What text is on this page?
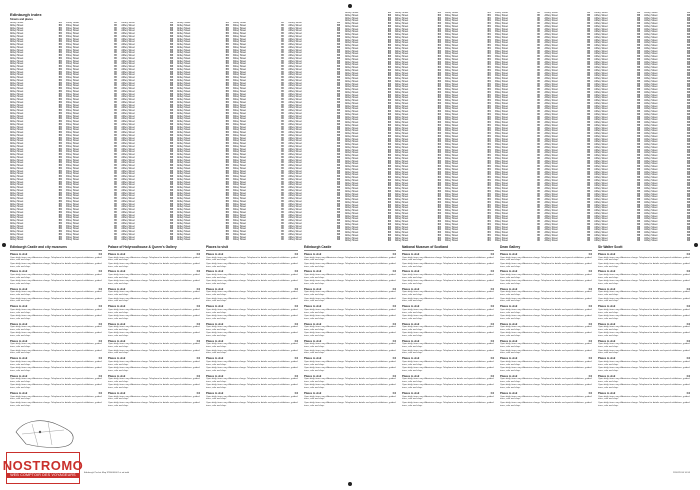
Edinburgh index
Streets and places
Abbey Street	D4
Abbey Street	D4
Abbey Street	D4
Abbey Street	D4
Abbey Street	D4
Abbey Street	D4
Abbey Street	D4
Abbey Street	D4
Abbey Street	D4
Abbey Street	D4
Abbey Street	D4
Abbey Street	D4
Abbey Street	D4
Abbey Street	D4
Abbey Street	D4
Abbey Street	D4
Abbey Street	D4
Abbey Street	D4
Abbey Street	D4
Abbey Street	D4
Abbey Street	D4
Abbey Street	D4
Abbey Street	D4
Abbey Street	D4
Abbey Street	D4
Abbey Street	D4
Abbey Street	D4
Abbey Street	D4
Abbey Street	D4
Abbey Street	D4
Abbey Street	D4
Abbey Street	D4
Abbey Street	D4
Abbey Street	D4
Abbey Street	D4
Abbey Street	D4
Abbey Street	D4
Abbey Street	D4
Abbey Street	D4
Abbey Street	D4
Abbey Street	D4
Abbey Street	D4
Abbey Street	D4
Abbey Street	D4
Abbey Street	D4
Abbey Street	D4
Abbey Street	D4
Abbey Street	D4
Abbey Street	D4
Abbey Street	D4
Abbey Street	D4
Abbey Street	D4
Abbey Street	D4
Abbey Street	D4
Abbey Street	D4
Abbey Street	D4
Abbey Street	D4
Abbey Street	D4
Abbey Street	D4
Abbey Street	D4
Abbey Street	D4
Abbey Street	D4
Abbey Street	D4
Abbey Street	D4
Abbey Street	D4
Abbey Street	D4
Abbey Street	D4
Abbey Street	D4
Abbey Street	D4
Abbey Street	D4
Abbey Street	D4
Abbey Street	D4
Abbey Street	D4
Abbey Street	D4
Abbey Street	D4
Abbey Street	D4
Abbey Street	D4
Abbey Street	D4
Abbey Street	D4
Abbey Street	D4
Abbey Street	D4
Abbey Street	D4
Abbey Street	D4
Abbey Street	D4
Abbey Street	D4
Abbey Street	D4
Abbey Street	D4
Abbey Street	D4
Abbey Street	D4
Abbey Street	D4
Abbey Street	D4
Abbey Street	D4
Abbey Street	D4
Abbey Street	D4
Abbey Street	D4
Abbey Street	D4
Abbey Street	D4
Abbey Street	D4
Abbey Street	D4
Abbey Street	D4
Abbey Street	D4
Abbey Street	D4
Abbey Street	D4
Abbey Street	D4
Abbey Street	D4
Abbey Street	D4
Abbey Street	D4
Abbey Street	D4
Abbey Street	D4
Abbey Street	D4
Abbey Street	D4
Abbey Street	D4
Abbey Street	D4
Abbey Street	D4
Abbey Street	D4
Abbey Street	D4
Abbey Street	D4
Abbey Street	D4
Abbey Street	D4
Abbey Street	D4
Abbey Street	D4
Abbey Street	D4
Abbey Street	D4
Abbey Street	D4
Abbey Street	D4
Abbey Street	D4
Abbey Street	D4
Abbey Street	D4
Abbey Street	D4
Abbey Street	D4
Abbey Street	D4
Abbey Street	D4
Abbey Street	D4
Abbey Street	D4
Abbey Street	D4
Abbey Street	D4
Abbey Street	D4
Abbey Street	D4
Abbey Street	D4
Abbey Street	D4
Abbey Street	D4
Abbey Street	D4
Abbey Street	D4
Abbey Street	D4
Abbey Street	D4
Abbey Street	D4
Abbey Street	D4
Abbey Street	D4
Abbey Street	D4
Abbey Street	D4
Abbey Street	D4
Abbey Street	D4
Abbey Street	D4
Abbey Street	D4
Abbey Street	D4
Abbey Street	D4
Abbey Street	D4
Abbey Street	D4
Abbey Street	D4
Abbey Street	D4
Abbey Street	D4
Abbey Street	D4
Abbey Street	D4
Abbey Street	D4
Abbey Street	D4
Abbey Street	D4
Abbey Street	D4
Abbey Street	D4
Abbey Street	D4
Abbey Street	D4
Abbey Street	D4
Abbey Street	D4
Abbey Street	D4
Abbey Street	D4
Abbey Street	D4
Abbey Street	D4
Abbey Street	D4
Abbey Street	D4
Abbey Street	D4
Abbey Street	D4
Abbey Street	D4
Abbey Street	D4
Abbey Street	D4
Abbey Street	D4
Abbey Street	D4
Abbey Street	D4
Abbey Street	D4
Abbey Street	D4
Abbey Street	D4
Abbey Street	D4
Abbey Street	D4
Abbey Street	D4
Abbey Street	D4
Abbey Street	D4
Abbey Street	D4
Abbey Street	D4
Abbey Street	D4
Abbey Street	D4
Abbey Street	D4
Abbey Street	D4
Abbey Street	D4
Abbey Street	D4
Abbey Street	D4
Abbey Street	D4
Abbey Street	D4
Abbey Street	D4
Abbey Street	D4
Abbey Street	D4
Abbey Street	D4
Abbey Street	D4
Abbey Street	D4
Abbey Street	D4
Abbey Street	D4
Abbey Street	D4
Abbey Street	D4
Abbey Street	D4
Abbey Street	D4
Abbey Street	D4
Abbey Street	D4
Abbey Street	D4
Abbey Street	D4
Abbey Street	D4
Abbey Street	D4
Abbey Street	D4
Abbey Street	D4
Abbey Street	D4
Abbey Street	D4
Abbey Street	D4
Abbey Street	D4
Abbey Street	D4
Abbey Street	D4
Abbey Street	D4
Abbey Street	D4
Abbey Street	D4
Abbey Street	D4
Abbey Street	D4
Abbey Street	D4
Abbey Street	D4
Abbey Street	D4
Abbey Street	D4
Abbey Street	D4
Abbey Street	D4
Abbey Street	D4
Abbey Street	D4
Abbey Street	D4
Abbey Street	D4
Abbey Street	D4
Abbey Street	D4
Abbey Street	D4
Abbey Street	D4
Abbey Street	D4
Abbey Street	D4
Abbey Street	D4
Abbey Street	D4
Abbey Street	D4
Abbey Street	D4
Abbey Street	D4
Abbey Street	D4
Abbey Street	D4
Abbey Street	D4
Abbey Street	D4
Abbey Street	D4
Abbey Street	D4
Abbey Street	D4
Abbey Street	D4
Abbey Street	D4
Abbey Street	D4
Abbey Street	D4
Abbey Street	D4
Abbey Street	D4
Abbey Street	D4
Abbey Street	D4
Abbey Street	D4
Abbey Street	D4
Abbey Street	D4
Abbey Street	D4
Abbey Street	D4
Abbey Street	D4
Abbey Street	D4
Abbey Street	D4
Abbey Street	D4
Abbey Street	D4
Abbey Street	D4
Abbey Street	D4
Abbey Street	D4
Abbey Street	D4
Abbey Street	D4
Abbey Street	D4
Abbey Street	D4
Abbey Street	D4
Abbey Street	D4
Abbey Street	D4
Abbey Street	D4
Abbey Street	D4
Abbey Street	D4
Abbey Street	D4
Abbey Street	D4
Abbey Street	D4
Abbey Street	D4
Abbey Street	D4
Abbey Street	D4
Abbey Street	D4
Abbey Street	D4
Abbey Street	D4
Abbey Street	D4
Abbey Street	D4
Abbey Street	D4
Abbey Street	D4
Abbey Street	D4
Abbey Street	D4
Abbey Street	D4
Abbey Street	D4
Abbey Street	D4
Abbey Street	D4
Abbey Street	D4
Abbey Street	D4
Abbey Street	D4
Abbey Street	D4
Abbey Street	D4
Abbey Street	D4
Abbey Street	D4
Abbey Street	D4
Abbey Street	D4
Abbey Street	D4
Abbey Street	D4
Abbey Street	D4
Abbey Street	D4
Abbey Street	D4
Abbey Street	D4
Abbey Street	D4
Abbey Street	D4
Abbey Street	D4
Abbey Street	D4
Abbey Street	D4
Abbey Street	D4
Abbey Street	D4
Abbey Street	D4
Abbey Street	D4
Abbey Street	D4
Abbey Street	D4
Abbey Street	D4
Abbey Street	D4
Abbey Street	D4
Abbey Street	D4
Abbey Street	D4
Abbey Street	D4
Abbey Street	D4
Abbey Street	D4
Abbey Street	D4
Abbey Street	D4
Abbey Street	D4
Abbey Street	D4
Abbey Street	D4
Abbey Street	D4
Abbey Street	D4
Abbey Street	D4
Abbey Street	D4
Abbey Street	D4
Abbey Street	D4
Abbey Street	D4
Abbey Street	D4
Abbey Street	D4
Abbey Street	D4
Abbey Street	D4
Abbey Street	D4
Abbey Street	D4
Abbey Street	D4
Abbey Street	D4
Abbey Street	D4
Abbey Street	D4
Abbey Street	D4
Abbey Street	D4
Abbey Street	D4
Abbey Street	D4
Abbey Street	D4
Abbey Street	D4
Abbey Street	D4
Abbey Street	D4
Abbey Street	D4
Abbey Street	D4
Abbey Street	D4
Abbey Street	D4
Abbey Street	D4
Abbey Street	D4
Abbey Street	D4
Abbey Street	D4
Abbey Street	D4
Abbey Street	D4
Abbey Street	D4
Abbey Street	D4
Abbey Street	D4
Abbey Street	D4
Abbey Street	D4
Abbey Street	D4
Abbey Street	D4
Abbey Street	D4
Abbey Street	D4
Abbey Street	D4
Abbey Street	D4
Abbey Street	D4
Abbey Street	D4
Abbey Street	D4
Abbey Street	D4
Abbey Street	D4
Abbey Street	D4
Abbey Street	D4
Abbey Street	D4
Abbey Street	D4
Abbey Street	D4
Abbey Street	D4
Abbey Street	D4
Abbey Street	D4
Abbey Street	D4
Abbey Street	D4
Abbey Street	D4
Abbey Street	D4
Abbey Street	D4
Abbey Street	D4
Abbey Street	D4
Abbey Street	D4
Abbey Street	D4
Abbey Street	D4
Abbey Street	D4
Abbey Street	D4
Abbey Street	D4
Abbey Street	D4
Abbey Street	D4
Abbey Street	D4
Abbey Street	D4
Abbey Street	D4
Abbey Street	D4
Abbey Street	D4
Abbey Street	D4
Abbey Street	D4
Abbey Street	D4
Abbey Street	D4
Abbey Street	D4
Abbey Street	D4
Abbey Street	D4
Abbey Street	D4
Abbey Street	D4
Abbey Street	D4
Abbey Street	D4
Abbey Street	D4
Abbey Street	D4
Abbey Street	D4
Abbey Street	D4
Abbey Street	D4
Abbey Street	D4
Abbey Street	D4
Abbey Street	D4
Abbey Street	D4
Abbey Street	D4
Abbey Street	D4
Abbey Street	D4
Abbey Street	D4
Abbey Street	D4
Abbey Street	D4
Abbey Street	D4
Abbey Street	D4
Abbey Street	D4
Abbey Street	D4
Abbey Street	D4
Abbey Street	D4
Abbey Street	D4
Abbey Street	D4
Abbey Street	D4
Abbey Street	D4
Abbey Street	D4
Abbey Street	D4
Abbey Street	D4
Abbey Street	D4
Abbey Street	D4
Abbey Street	D4
Abbey Street	D4
Abbey Street	D4
Abbey Street	D4
Abbey Street	D4
Abbey Street	D4
Abbey Street	D4
Abbey Street	D4
Abbey Street	D4
Abbey Street	D4
Abbey Street	D4
Abbey Street	D4
Abbey Street	D4
Abbey Street	D4
Abbey Street	D4
Abbey Street	D4
Abbey Street	D4
Abbey Street	D4
Abbey Street	D4
Abbey Street	D4
Abbey Street	D4
Abbey Street	D4
Abbey Street	D4
Abbey Street	D4
Abbey Street	D4
Abbey Street	D4
Abbey Street	D4
Abbey Street	D4
Abbey Street	D4
Abbey Street	D4
Abbey Street	D4
Abbey Street	D4
Abbey Street	D4
Abbey Street	D4
Abbey Street	D4
Abbey Street	D4
Abbey Street	D4
Abbey Street	D4
Abbey Street	D4
Abbey Street	D4
Abbey Street	D4
Abbey Street	D4
Abbey Street	D4
Abbey Street	D4
Abbey Street	D4
Abbey Street	D4
Abbey Street	D4
Abbey Street	D4
Abbey Street	D4
Abbey Street	D4
Abbey Street	D4
Abbey Street	D4
Abbey Street	D4
Abbey Street	D4
Abbey Street	D4
Abbey Street	D4
Abbey Street	D4
Abbey Street	D4
Abbey Street	D4
Abbey Street	D4
Abbey Street	D4
Abbey Street	D4
Abbey Street	D4
Abbey Street	D4
Abbey Street	D4
Abbey Street	D4
Abbey Street	D4
Abbey Street	D4
Abbey Street	D4
Abbey Street	D4
Abbey Street	D4
Abbey Street	D4
Abbey Street	D4
Abbey Street	D4
Abbey Street	D4
Abbey Street	D4
Abbey Street	D4
Abbey Street	D4
Abbey Street	D4
Abbey Street	D4
Abbey Street	D4
Abbey Street	D4
Abbey Street	D4
Abbey Street	D4
Abbey Street	D4
Abbey Street	D4
Abbey Street	D4
Abbey Street	D4
Abbey Street	D4
Abbey Street	D4
Abbey Street	D4
Abbey Street	D4
Abbey Street	D4
Abbey Street	D4
Abbey Street	D4
Abbey Street	D4
Abbey Street	D4
Abbey Street	D4
Abbey Street	D4
Abbey Street	D4
Abbey Street	D4
Abbey Street	D4
Abbey Street	D4
Abbey Street	D4
Abbey Street	D4
Abbey Street	D4
Abbey Street	D4
Abbey Street	D4
Abbey Street	D4
Abbey Street	D4
Abbey Street	D4
Abbey Street	D4
Abbey Street	D4
Abbey Street	D4
Abbey Street	D4
Abbey Street	D4
Abbey Street	D4
Abbey Street	D4
Abbey Street	D4
Abbey Street	D4
Abbey Street	D4
Abbey Street	D4
Abbey Street	D4
Abbey Street	D4
Abbey Street	D4
Abbey Street	D4
Abbey Street	D4
Abbey Street	D4
Abbey Street	D4
Abbey Street	D4
Abbey Street	D4
Abbey Street	D4
Abbey Street	D4
Abbey Street	D4
Abbey Street	D4
Abbey Street	D4
Abbey Street	D4
Abbey Street	D4
Abbey Street	D4
Abbey Street	D4
Abbey Street	D4
Abbey Street	D4
Abbey Street	D4
Abbey Street	D4
Abbey Street	D4
Abbey Street	D4
Abbey Street	D4
Abbey Street	D4
Abbey Street	D4
Abbey Street	D4
Abbey Street	D4
Abbey Street	D4
Abbey Street	D4
Abbey Street	D4
Abbey Street	D4
Abbey Street	D4
Abbey Street	D4
Abbey Street	D4
Abbey Street	D4
Abbey Street	D4
Abbey Street	D4
Abbey Street	D4
Abbey Street	D4
Abbey Street	D4
Abbey Street	D4
Abbey Street	D4
Abbey Street	D4
Abbey Street	D4
Abbey Street	D4
Abbey Street	D4
Abbey Street	D4
Abbey Street	D4
Abbey Street	D4
Abbey Street	D4
Abbey Street	D4
Abbey Street	D4
Abbey Street	D4
Abbey Street	D4
Abbey Street	D4
Abbey Street	D4
Abbey Street	D4
Abbey Street	D4
Abbey Street	D4
Abbey Street	D4
Abbey Street	D4
Abbey Street	D4
Abbey Street	D4
Abbey Street	D4
Abbey Street	D4
Abbey Street	D4
Abbey Street	D4
Abbey Street	D4
Abbey Street	D4
Abbey Street	D4
Abbey Street	D4
Abbey Street	D4
Abbey Street	D4
Abbey Street	D4
Abbey Street	D4
Abbey Street	D4
Abbey Street	D4
Abbey Street	D4
Abbey Street	D4
Abbey Street	D4
Abbey Street	D4
Abbey Street	D4
Abbey Street	D4
Abbey Street	D4
Abbey Street	D4
Abbey Street	D4
Abbey Street	D4
Abbey Street	D4
Abbey Street	D4
Abbey Street	D4
Abbey Street	D4
Abbey Street	D4
Abbey Street	D4
Abbey Street	D4
Abbey Street	D4
Abbey Street	D4
Abbey Street	D4
Abbey Street	D4
Abbey Street	D4
Abbey Street	D4
Abbey Street	D4
Abbey Street	D4
Abbey Street	D4
Abbey Street	D4
Abbey Street	D4
Abbey Street	D4
Abbey Street	D4
Abbey Street	D4
Abbey Street	D4
Abbey Street	D4
Abbey Street	D4
Abbey Street	D4
Abbey Street	D4
Abbey Street	D4
Abbey Street	D4
Abbey Street	D4
Abbey Street	D4
Abbey Street	D4
Abbey Street	D4
Abbey Street	D4
Abbey Street	D4
Abbey Street	D4
Abbey Street	D4
Abbey Street	D4
Abbey Street	D4
Abbey Street	D4
Abbey Street	D4
Abbey Street	D4
Abbey Street	D4
Abbey Street	D4
Abbey Street	D4
Abbey Street	D4
Abbey Street	D4
Abbey Street	D4
Abbey Street	D4
Abbey Street	D4
Abbey Street	D4
Abbey Street	D4
Abbey Street	D4
Abbey Street	D4
Abbey Street	D4
Abbey Street	D4
Abbey Street	D4
Abbey Street	D4
Abbey Street	D4
Abbey Street	D4
Abbey Street	D4
Abbey Street	D4
Abbey Street	D4
Abbey Street	D4
Abbey Street	D4
Abbey Street	D4
Abbey Street	D4
Abbey Street	D4
Abbey Street	D4
Abbey Street	D4
Abbey Street	D4
Abbey Street	D4
Abbey Street	D4
Abbey Street	D4
Abbey Street	D4
Abbey Street	D4
Abbey Street	D4
Abbey Street	D4
Abbey Street	D4
Abbey Street	D4
Abbey Street	D4
Abbey Street	D4
Abbey Street	D4
Abbey Street	D4
Abbey Street	D4
Abbey Street	D4
Abbey Street	D4
Abbey Street	D4
Abbey Street	D4
Abbey Street	D4
Abbey Street	D4
Abbey Street	D4
Abbey Street	D4
Abbey Street	D4
Abbey Street	D4
Abbey Street	D4
Abbey Street	D4
Abbey Street	D4
Abbey Street	D4
Abbey Street	D4
Abbey Street	D4
Abbey Street	D4
Abbey Street	D4
Abbey Street	D4
Abbey Street	D4
Abbey Street	D4
Abbey Street	D4
Abbey Street	D4
Abbey Street	D4
Abbey Street	D4
Abbey Street	D4
Abbey Street	D4
Abbey Street	D4
Abbey Street	D4
Abbey Street	D4
Abbey Street	D4
Abbey Street	D4
Abbey Street	D4
Abbey Street	D4
Abbey Street	D4
Abbey Street	D4
Abbey Street	D4
Abbey Street	D4
Abbey Street	D4
Abbey Street	D4
Abbey Street	D4
Abbey Street	D4
Abbey Street	D4
Abbey Street	D4
Abbey Street	D4
Abbey Street	D4
Abbey Street	D4
Abbey Street	D4
Abbey Street	D4
Abbey Street	D4
Abbey Street	D4
Abbey Street	D4
Abbey Street	D4
Abbey Street	D4
Abbey Street	D4
Abbey Street	D4
Abbey Street	D4
Abbey Street	D4
Abbey Street	D4
Abbey Street	D4
Abbey Street	D4
Abbey Street	D4
Abbey Street	D4
Abbey Street	D4
Abbey Street	D4
Abbey Street	D4
Abbey Street	D4
Abbey Street	D4
Abbey Street	D4
Abbey Street	D4
Abbey Street	D4
Abbey Street	D4
Abbey Street	D4
Abbey Street	D4
Abbey Street	D4
Abbey Street	D4
Abbey Street	D4
Abbey Street	D4
Abbey Street	D4
Abbey Street	D4
Abbey Street	D4
Abbey Street	D4
Abbey Street	D4
Abbey Street	D4
Abbey Street	D4
Abbey Street	D4
Abbey Street	D4
Abbey Street	D4
Abbey Street	D4
Abbey Street	D4
Abbey Street	D4
Abbey Street	D4
Abbey Street	D4
Abbey Street	D4
Abbey Street	D4
Abbey Street	D4
Abbey Street	D4
Abbey Street	D4
Abbey Street	D4
Abbey Street	D4
Abbey Street	D4
Abbey Street	D4
Abbey Street	D4
Abbey Street	D4
Abbey Street	D4
Abbey Street	D4
Abbey Street	D4
Abbey Street	D4
Abbey Street	D4
Abbey Street	D4
Abbey Street	D4
Abbey Street	D4
Abbey Street	D4
Abbey Street	D4
Abbey Street	D4
Abbey Street	D4
Abbey Street	D4
Abbey Street	D4
Abbey Street	D4
Abbey Street	D4
Abbey Street	D4
Abbey Street	D4
Abbey Street	D4
Abbey Street	D4
Abbey Street	D4
Abbey Street	D4
Abbey Street	D4
Abbey Street	D4
Abbey Street	D4
Abbey Street	D4
Abbey Street	D4
Abbey Street	D4
Abbey Street	D4
Abbey Street	D4
Abbey Street	D4
Abbey Street	D4
Abbey Street	D4
Abbey Street	D4
Abbey Street	D4
Abbey Street	D4
Abbey Street	D4
Abbey Street	D4
Abbey Street	D4
Abbey Street	D4
Abbey Street	D4
Abbey Street	D4
Abbey Street	D4
Abbey Street	D4
Abbey Street	D4
Abbey Street	D4
Abbey Street	D4
Abbey Street	D4
Abbey Street	D4
Abbey Street	D4
Abbey Street	D4
Abbey Street	D4
Abbey Street	D4
Abbey Street	D4
Abbey Street	D4
Abbey Street	D4
Abbey Street	D4
Abbey Street	D4
Abbey Street	D4
Abbey Street	D4
Abbey Street	D4
Abbey Street	D4
Abbey Street	D4
Abbey Street	D4
Abbey Street	D4
Abbey Street	D4
Abbey Street	D4
Abbey Street	D4
Abbey Street	D4
Abbey Street	D4
Abbey Street	D4
Abbey Street	D4
Abbey Street	D4
Abbey Street	D4
Abbey Street	D4
Abbey Street	D4
Abbey Street	D4
Abbey Street	D4
Abbey Street	D4
Abbey Street	D4
Abbey Street	D4
Abbey Street	D4
Abbey Street	D4
Abbey Street	D4
Abbey Street	D4
Abbey Street	D4
Abbey Street	D4
Abbey Street	D4
Abbey Street	D4
Abbey Street	D4
Abbey Street	D4
Abbey Street	D4
Abbey Street	D4
Abbey Street	D4
Abbey Street	D4
Abbey Street	D4
Abbey Street	D4
Abbey Street	D4
Abbey Street	D4
Abbey Street	D4
Abbey Street	D4
Abbey Street	D4
Abbey Street	D4
Abbey Street	D4
Abbey Street	D4
Abbey Street	D4
Abbey Street	D4
Abbey Street	D4
Abbey Street	D4
Abbey Street	D4
Abbey Street	D4
Abbey Street	D4
Abbey Street	D4
Abbey Street	D4
Abbey Street	D4
Abbey Street	D4
Abbey Street	D4
Abbey Street	D4
Abbey Street	D4
Abbey Street	D4
Abbey Street	D4
Abbey Street	D4
Abbey Street	D4
Abbey Street	D4
Abbey Street	D4
Abbey Street	D4
Abbey Street	D4
Abbey Street	D4
Abbey Street	D4
Abbey Street	D4
Abbey Street	D4
Abbey Street	D4
Abbey Street	D4
Abbey Street	D4
Abbey Street	D4
Abbey Street	D4
Abbey Street	D4
Abbey Street	D4
Abbey Street	D4
Abbey Street	D4
Abbey Street	D4
Abbey Street	D4
Abbey Street	D4
Abbey Street	D4
Abbey Street	D4
Abbey Street	D4
Abbey Street	D4
Abbey Street	D4
Abbey Street	D4
Abbey Street	D4
Abbey Street	D4
Abbey Street	D4
Abbey Street	D4
Abbey Street	D4
Abbey Street	D4
Abbey Street	D4
Abbey Street	D4
Abbey Street	D4
Abbey Street	D4
Abbey Street	D4
Abbey Street	D4
Abbey Street	D4
Abbey Street	D4
Abbey Street	D4
Abbey Street	D4
Abbey Street	D4
Abbey Street	D4
Abbey Street	D4
Abbey Street	D4
Abbey Street	D4
Abbey Street	D4
Abbey Street	D4
Abbey Street	D4
Abbey Street	D4
Abbey Street	D4
Abbey Street	D4
Abbey Street	D4
Abbey Street	D4
Abbey Street	D4
Abbey Street	D4
Abbey Street	D4
Abbey Street	D4
Abbey Street	D4
Abbey Street	D4
Abbey Street	D4
Abbey Street	D4
Abbey Street	D4
Abbey Street	D4
Abbey Street	D4
Abbey Street	D4
Abbey Street	D4
Abbey Street	D4
Abbey Street	D4
Abbey Street	D4
Abbey Street	D4
Abbey Street	D4
Edinburgh Castle and city museums
Places to visit	C4
Open daily, times vary. Admission charge. Telephone for details and special exhibitions, guided tours, cafe and shop.
Open daily, times vary. Admission charge. Telephone for details and special exhibitions, guided tours, cafe and shop.
Places to visit	C4
Open daily, times vary. Admission charge. Telephone for details and special exhibitions, guided tours, cafe and shop.
Open daily, times vary. Admission charge. Telephone for details and special exhibitions, guided tours, cafe and shop.
Places to visit	C4
Open daily, times vary. Admission charge. Telephone for details and special exhibitions, guided tours, cafe and shop.
Open daily, times vary. Admission charge. Telephone for details and special exhibitions, guided tours, cafe and shop.
Places to visit	C4
Open daily, times vary. Admission charge. Telephone for details and special exhibitions, guided tours, cafe and shop.
Open daily, times vary. Admission charge. Telephone for details and special exhibitions, guided tours, cafe and shop.
Places to visit	C4
Open daily, times vary. Admission charge. Telephone for details and special exhibitions, guided tours, cafe and shop.
Open daily, times vary. Admission charge. Telephone for details and special exhibitions, guided tours, cafe and shop.
Places to visit	C4
Open daily, times vary. Admission charge. Telephone for details and special exhibitions, guided tours, cafe and shop.
Open daily, times vary. Admission charge. Telephone for details and special exhibitions, guided tours, cafe and shop.
Places to visit	C4
Open daily, times vary. Admission charge. Telephone for details and special exhibitions, guided tours, cafe and shop.
Open daily, times vary. Admission charge. Telephone for details and special exhibitions, guided tours, cafe and shop.
Places to visit	C4
Open daily, times vary. Admission charge. Telephone for details and special exhibitions, guided tours, cafe and shop.
Open daily, times vary. Admission charge. Telephone for details and special exhibitions, guided tours, cafe and shop.
Places to visit	C4
Open daily, times vary. Admission charge. Telephone for details and special exhibitions, guided tours, cafe and shop.
Open daily, times vary. Admission charge. Telephone for details and special exhibitions, guided tours, cafe and shop.
Palace of Holyroodhouse & Queen's Gallery
Places to visit	C4
Open daily, times vary. Admission charge. Telephone for details and special exhibitions, guided tours, cafe and shop.
Open daily, times vary. Admission charge. Telephone for details and special exhibitions, guided tours, cafe and shop.
Places to visit	C4
Open daily, times vary. Admission charge. Telephone for details and special exhibitions, guided tours, cafe and shop.
Open daily, times vary. Admission charge. Telephone for details and special exhibitions, guided tours, cafe and shop.
Places to visit	C4
Open daily, times vary. Admission charge. Telephone for details and special exhibitions, guided tours, cafe and shop.
Open daily, times vary. Admission charge. Telephone for details and special exhibitions, guided tours, cafe and shop.
Places to visit	C4
Open daily, times vary. Admission charge. Telephone for details and special exhibitions, guided tours, cafe and shop.
Open daily, times vary. Admission charge. Telephone for details and special exhibitions, guided tours, cafe and shop.
Places to visit	C4
Open daily, times vary. Admission charge. Telephone for details and special exhibitions, guided tours, cafe and shop.
Open daily, times vary. Admission charge. Telephone for details and special exhibitions, guided tours, cafe and shop.
Places to visit	C4
Open daily, times vary. Admission charge. Telephone for details and special exhibitions, guided tours, cafe and shop.
Open daily, times vary. Admission charge. Telephone for details and special exhibitions, guided tours, cafe and shop.
Places to visit	C4
Open daily, times vary. Admission charge. Telephone for details and special exhibitions, guided tours, cafe and shop.
Open daily, times vary. Admission charge. Telephone for details and special exhibitions, guided tours, cafe and shop.
Places to visit	C4
Open daily, times vary. Admission charge. Telephone for details and special exhibitions, guided tours, cafe and shop.
Open daily, times vary. Admission charge. Telephone for details and special exhibitions, guided tours, cafe and shop.
Places to visit	C4
Open daily, times vary. Admission charge. Telephone for details and special exhibitions, guided tours, cafe and shop.
Open daily, times vary. Admission charge. Telephone for details and special exhibitions, guided tours, cafe and shop.
Places to visit
Places to visit	C4
Open daily, times vary. Admission charge. Telephone for details and special exhibitions, guided tours, cafe and shop.
Open daily, times vary. Admission charge. Telephone for details and special exhibitions, guided tours, cafe and shop.
Places to visit	C4
Open daily, times vary. Admission charge. Telephone for details and special exhibitions, guided tours, cafe and shop.
Open daily, times vary. Admission charge. Telephone for details and special exhibitions, guided tours, cafe and shop.
Places to visit	C4
Open daily, times vary. Admission charge. Telephone for details and special exhibitions, guided tours, cafe and shop.
Open daily, times vary. Admission charge. Telephone for details and special exhibitions, guided tours, cafe and shop.
Places to visit	C4
Open daily, times vary. Admission charge. Telephone for details and special exhibitions, guided tours, cafe and shop.
Open daily, times vary. Admission charge. Telephone for details and special exhibitions, guided tours, cafe and shop.
Places to visit	C4
Open daily, times vary. Admission charge. Telephone for details and special exhibitions, guided tours, cafe and shop.
Open daily, times vary. Admission charge. Telephone for details and special exhibitions, guided tours, cafe and shop.
Places to visit	C4
Open daily, times vary. Admission charge. Telephone for details and special exhibitions, guided tours, cafe and shop.
Open daily, times vary. Admission charge. Telephone for details and special exhibitions, guided tours, cafe and shop.
Places to visit	C4
Open daily, times vary. Admission charge. Telephone for details and special exhibitions, guided tours, cafe and shop.
Open daily, times vary. Admission charge. Telephone for details and special exhibitions, guided tours, cafe and shop.
Places to visit	C4
Open daily, times vary. Admission charge. Telephone for details and special exhibitions, guided tours, cafe and shop.
Open daily, times vary. Admission charge. Telephone for details and special exhibitions, guided tours, cafe and shop.
Places to visit	C4
Open daily, times vary. Admission charge. Telephone for details and special exhibitions, guided tours, cafe and shop.
Open daily, times vary. Admission charge. Telephone for details and special exhibitions, guided tours, cafe and shop.
Edinburgh Castle
Places to visit	C4
Open daily, times vary. Admission charge. Telephone for details and special exhibitions, guided tours, cafe and shop.
Open daily, times vary. Admission charge. Telephone for details and special exhibitions, guided tours, cafe and shop.
Places to visit	C4
Open daily, times vary. Admission charge. Telephone for details and special exhibitions, guided tours, cafe and shop.
Open daily, times vary. Admission charge. Telephone for details and special exhibitions, guided tours, cafe and shop.
Places to visit	C4
Open daily, times vary. Admission charge. Telephone for details and special exhibitions, guided tours, cafe and shop.
Open daily, times vary. Admission charge. Telephone for details and special exhibitions, guided tours, cafe and shop.
Places to visit	C4
Open daily, times vary. Admission charge. Telephone for details and special exhibitions, guided tours, cafe and shop.
Open daily, times vary. Admission charge. Telephone for details and special exhibitions, guided tours, cafe and shop.
Places to visit	C4
Open daily, times vary. Admission charge. Telephone for details and special exhibitions, guided tours, cafe and shop.
Open daily, times vary. Admission charge. Telephone for details and special exhibitions, guided tours, cafe and shop.
Places to visit	C4
Open daily, times vary. Admission charge. Telephone for details and special exhibitions, guided tours, cafe and shop.
Open daily, times vary. Admission charge. Telephone for details and special exhibitions, guided tours, cafe and shop.
Places to visit	C4
Open daily, times vary. Admission charge. Telephone for details and special exhibitions, guided tours, cafe and shop.
Open daily, times vary. Admission charge. Telephone for details and special exhibitions, guided tours, cafe and shop.
Places to visit	C4
Open daily, times vary. Admission charge. Telephone for details and special exhibitions, guided tours, cafe and shop.
Open daily, times vary. Admission charge. Telephone for details and special exhibitions, guided tours, cafe and shop.
Places to visit	C4
Open daily, times vary. Admission charge. Telephone for details and special exhibitions, guided tours, cafe and shop.
Open daily, times vary. Admission charge. Telephone for details and special exhibitions, guided tours, cafe and shop.
National Museum of Scotland
Places to visit	C4
Open daily, times vary. Admission charge. Telephone for details and special exhibitions, guided tours, cafe and shop.
Open daily, times vary. Admission charge. Telephone for details and special exhibitions, guided tours, cafe and shop.
Places to visit	C4
Open daily, times vary. Admission charge. Telephone for details and special exhibitions, guided tours, cafe and shop.
Open daily, times vary. Admission charge. Telephone for details and special exhibitions, guided tours, cafe and shop.
Places to visit	C4
Open daily, times vary. Admission charge. Telephone for details and special exhibitions, guided tours, cafe and shop.
Open daily, times vary. Admission charge. Telephone for details and special exhibitions, guided tours, cafe and shop.
Places to visit	C4
Open daily, times vary. Admission charge. Telephone for details and special exhibitions, guided tours, cafe and shop.
Open daily, times vary. Admission charge. Telephone for details and special exhibitions, guided tours, cafe and shop.
Places to visit	C4
Open daily, times vary. Admission charge. Telephone for details and special exhibitions, guided tours, cafe and shop.
Open daily, times vary. Admission charge. Telephone for details and special exhibitions, guided tours, cafe and shop.
Places to visit	C4
Open daily, times vary. Admission charge. Telephone for details and special exhibitions, guided tours, cafe and shop.
Open daily, times vary. Admission charge. Telephone for details and special exhibitions, guided tours, cafe and shop.
Places to visit	C4
Open daily, times vary. Admission charge. Telephone for details and special exhibitions, guided tours, cafe and shop.
Open daily, times vary. Admission charge. Telephone for details and special exhibitions, guided tours, cafe and shop.
Places to visit	C4
Open daily, times vary. Admission charge. Telephone for details and special exhibitions, guided tours, cafe and shop.
Open daily, times vary. Admission charge. Telephone for details and special exhibitions, guided tours, cafe and shop.
Places to visit	C4
Open daily, times vary. Admission charge. Telephone for details and special exhibitions, guided tours, cafe and shop.
Open daily, times vary. Admission charge. Telephone for details and special exhibitions, guided tours, cafe and shop.
Dean Gallery
Places to visit	C4
Open daily, times vary. Admission charge. Telephone for details and special exhibitions, guided tours, cafe and shop.
Open daily, times vary. Admission charge. Telephone for details and special exhibitions, guided tours, cafe and shop.
Places to visit	C4
Open daily, times vary. Admission charge. Telephone for details and special exhibitions, guided tours, cafe and shop.
Open daily, times vary. Admission charge. Telephone for details and special exhibitions, guided tours, cafe and shop.
Places to visit	C4
Open daily, times vary. Admission charge. Telephone for details and special exhibitions, guided tours, cafe and shop.
Open daily, times vary. Admission charge. Telephone for details and special exhibitions, guided tours, cafe and shop.
Places to visit	C4
Open daily, times vary. Admission charge. Telephone for details and special exhibitions, guided tours, cafe and shop.
Open daily, times vary. Admission charge. Telephone for details and special exhibitions, guided tours, cafe and shop.
Places to visit	C4
Open daily, times vary. Admission charge. Telephone for details and special exhibitions, guided tours, cafe and shop.
Open daily, times vary. Admission charge. Telephone for details and special exhibitions, guided tours, cafe and shop.
Places to visit	C4
Open daily, times vary. Admission charge. Telephone for details and special exhibitions, guided tours, cafe and shop.
Open daily, times vary. Admission charge. Telephone for details and special exhibitions, guided tours, cafe and shop.
Places to visit	C4
Open daily, times vary. Admission charge. Telephone for details and special exhibitions, guided tours, cafe and shop.
Open daily, times vary. Admission charge. Telephone for details and special exhibitions, guided tours, cafe and shop.
Places to visit	C4
Open daily, times vary. Admission charge. Telephone for details and special exhibitions, guided tours, cafe and shop.
Open daily, times vary. Admission charge. Telephone for details and special exhibitions, guided tours, cafe and shop.
Places to visit	C4
Open daily, times vary. Admission charge. Telephone for details and special exhibitions, guided tours, cafe and shop.
Open daily, times vary. Admission charge. Telephone for details and special exhibitions, guided tours, cafe and shop.
Sir Walter Scott
Places to visit	C4
Open daily, times vary. Admission charge. Telephone for details and special exhibitions, guided tours, cafe and shop.
Open daily, times vary. Admission charge. Telephone for details and special exhibitions, guided tours, cafe and shop.
Places to visit	C4
Open daily, times vary. Admission charge. Telephone for details and special exhibitions, guided tours, cafe and shop.
Open daily, times vary. Admission charge. Telephone for details and special exhibitions, guided tours, cafe and shop.
Places to visit	C4
Open daily, times vary. Admission charge. Telephone for details and special exhibitions, guided tours, cafe and shop.
Open daily, times vary. Admission charge. Telephone for details and special exhibitions, guided tours, cafe and shop.
Places to visit	C4
Open daily, times vary. Admission charge. Telephone for details and special exhibitions, guided tours, cafe and shop.
Open daily, times vary. Admission charge. Telephone for details and special exhibitions, guided tours, cafe and shop.
Places to visit	C4
Open daily, times vary. Admission charge. Telephone for details and special exhibitions, guided tours, cafe and shop.
Open daily, times vary. Admission charge. Telephone for details and special exhibitions, guided tours, cafe and shop.
Places to visit	C4
Open daily, times vary. Admission charge. Telephone for details and special exhibitions, guided tours, cafe and shop.
Open daily, times vary. Admission charge. Telephone for details and special exhibitions, guided tours, cafe and shop.
Places to visit	C4
Open daily, times vary. Admission charge. Telephone for details and special exhibitions, guided tours, cafe and shop.
Open daily, times vary. Admission charge. Telephone for details and special exhibitions, guided tours, cafe and shop.
Places to visit	C4
Open daily, times vary. Admission charge. Telephone for details and special exhibitions, guided tours, cafe and shop.
Open daily, times vary. Admission charge. Telephone for details and special exhibitions, guided tours, cafe and shop.
Places to visit	C4
Open daily, times vary. Admission charge. Telephone for details and special exhibitions, guided tours, cafe and shop.
Open daily, times vary. Admission charge. Telephone for details and special exhibitions, guided tours, cafe and shop.
NOSTROMO
WEB COMPTOIR DES VOYAGEURS	Edinburgh Pocket Map 978000000 1st ed.indd	23/02/2016 10:53
